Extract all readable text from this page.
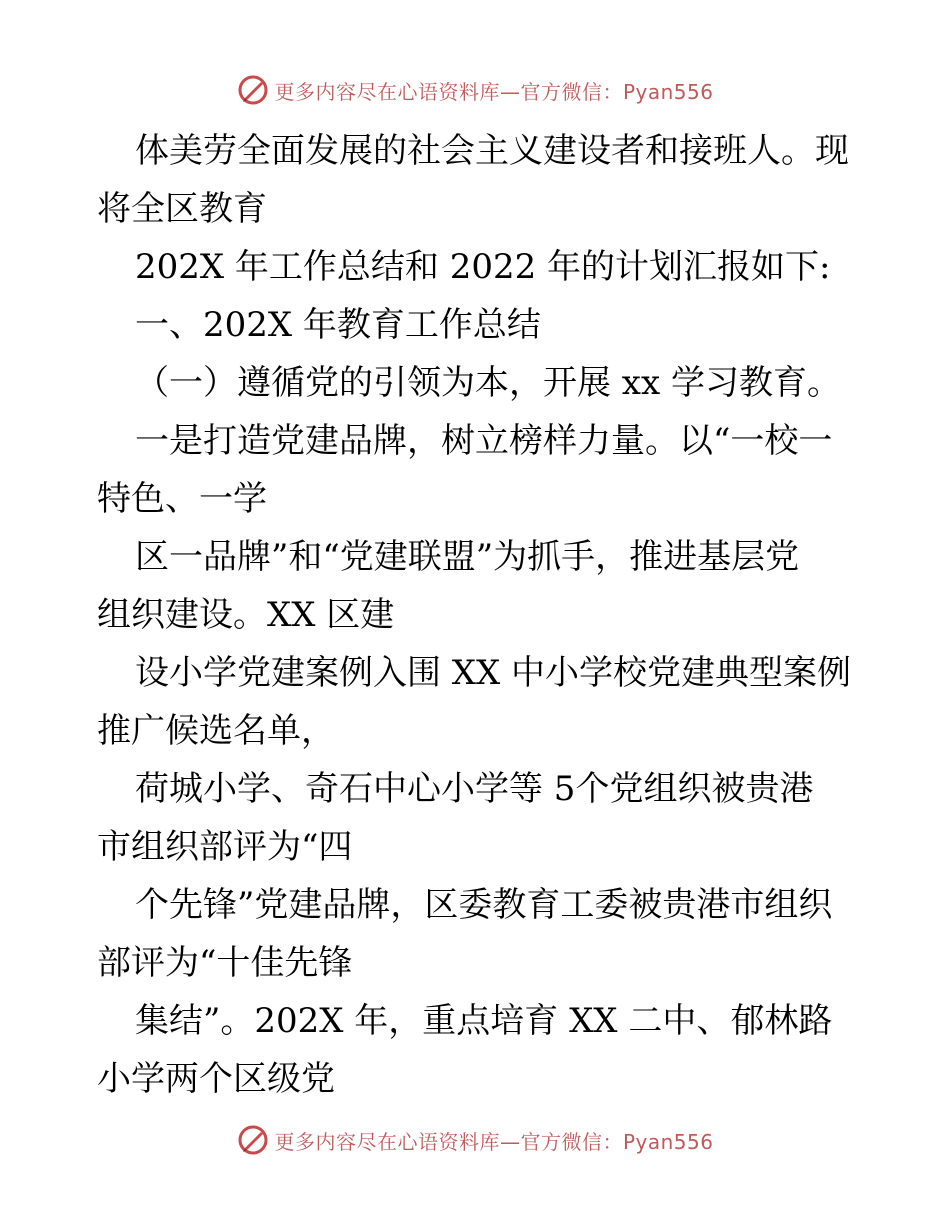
更多内容尽在心语资料库—官方微信：Pyan556

体美劳全面发展的社会主义建设者和接班人。现

将全区教育

202X 年工作总结和 2022 年的计划汇报如下:

一、202X 年教育工作总结

（一）遵循党的引领为本，开展 xx 学习教育。

一是打造党建品牌，树立榜样力量。以“一校一

特色、一学

区一品牌”和“党建联盟”为抓手，推进基层党

组织建设。XX 区建

设小学党建案例入围 XX 中小学校党建典型案例

推广候选名单，

荷城小学、奇石中心小学等 5个党组织被贵港

市组织部评为“四

个先锋”党建品牌，区委教育工委被贵港市组织

部评为“十佳先锋

集结”。202X 年，重点培育 XX 二中、郁林路

小学两个区级党

更多内容尽在心语资料库—官方微信：Pyan556
